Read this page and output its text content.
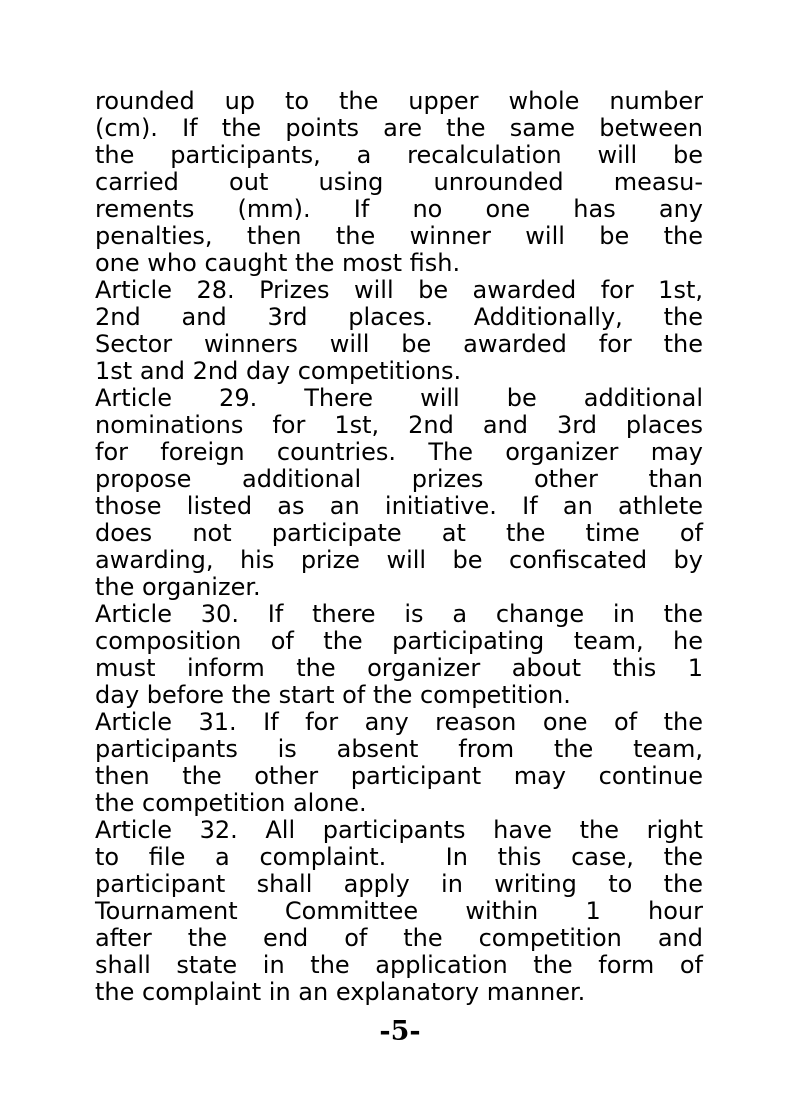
rounded up to the upper whole number
(cm). If the points are the same between
the participants, a recalculation will be
carried out using unrounded measu-
rements (mm). If no one has any
penalties, then the winner will be the
one who caught the most fish.
Article 28. Prizes will be awarded for 1st,
2nd and 3rd places. Additionally, the
Sector winners will be awarded for the
1st and 2nd day competitions.
Article 29. There will be additional
nominations for 1st, 2nd and 3rd places
for foreign countries. The organizer may
propose additional prizes other than
those listed as an initiative. If an athlete
does not participate at the time of
awarding, his prize will be confiscated by
the organizer.
Article 30. If there is a change in the
composition of the participating team, he
must inform the organizer about this 1
day before the start of the competition.
Article 31. If for any reason one of the
participants is absent from the team,
then the other participant may continue
the competition alone.
Article 32. All participants have the right
to file a complaint.  In this case, the
participant shall apply in writing to the
Tournament Committee within 1 hour
after the end of the competition and
shall state in the application the form of
the complaint in an explanatory manner.
-5-
